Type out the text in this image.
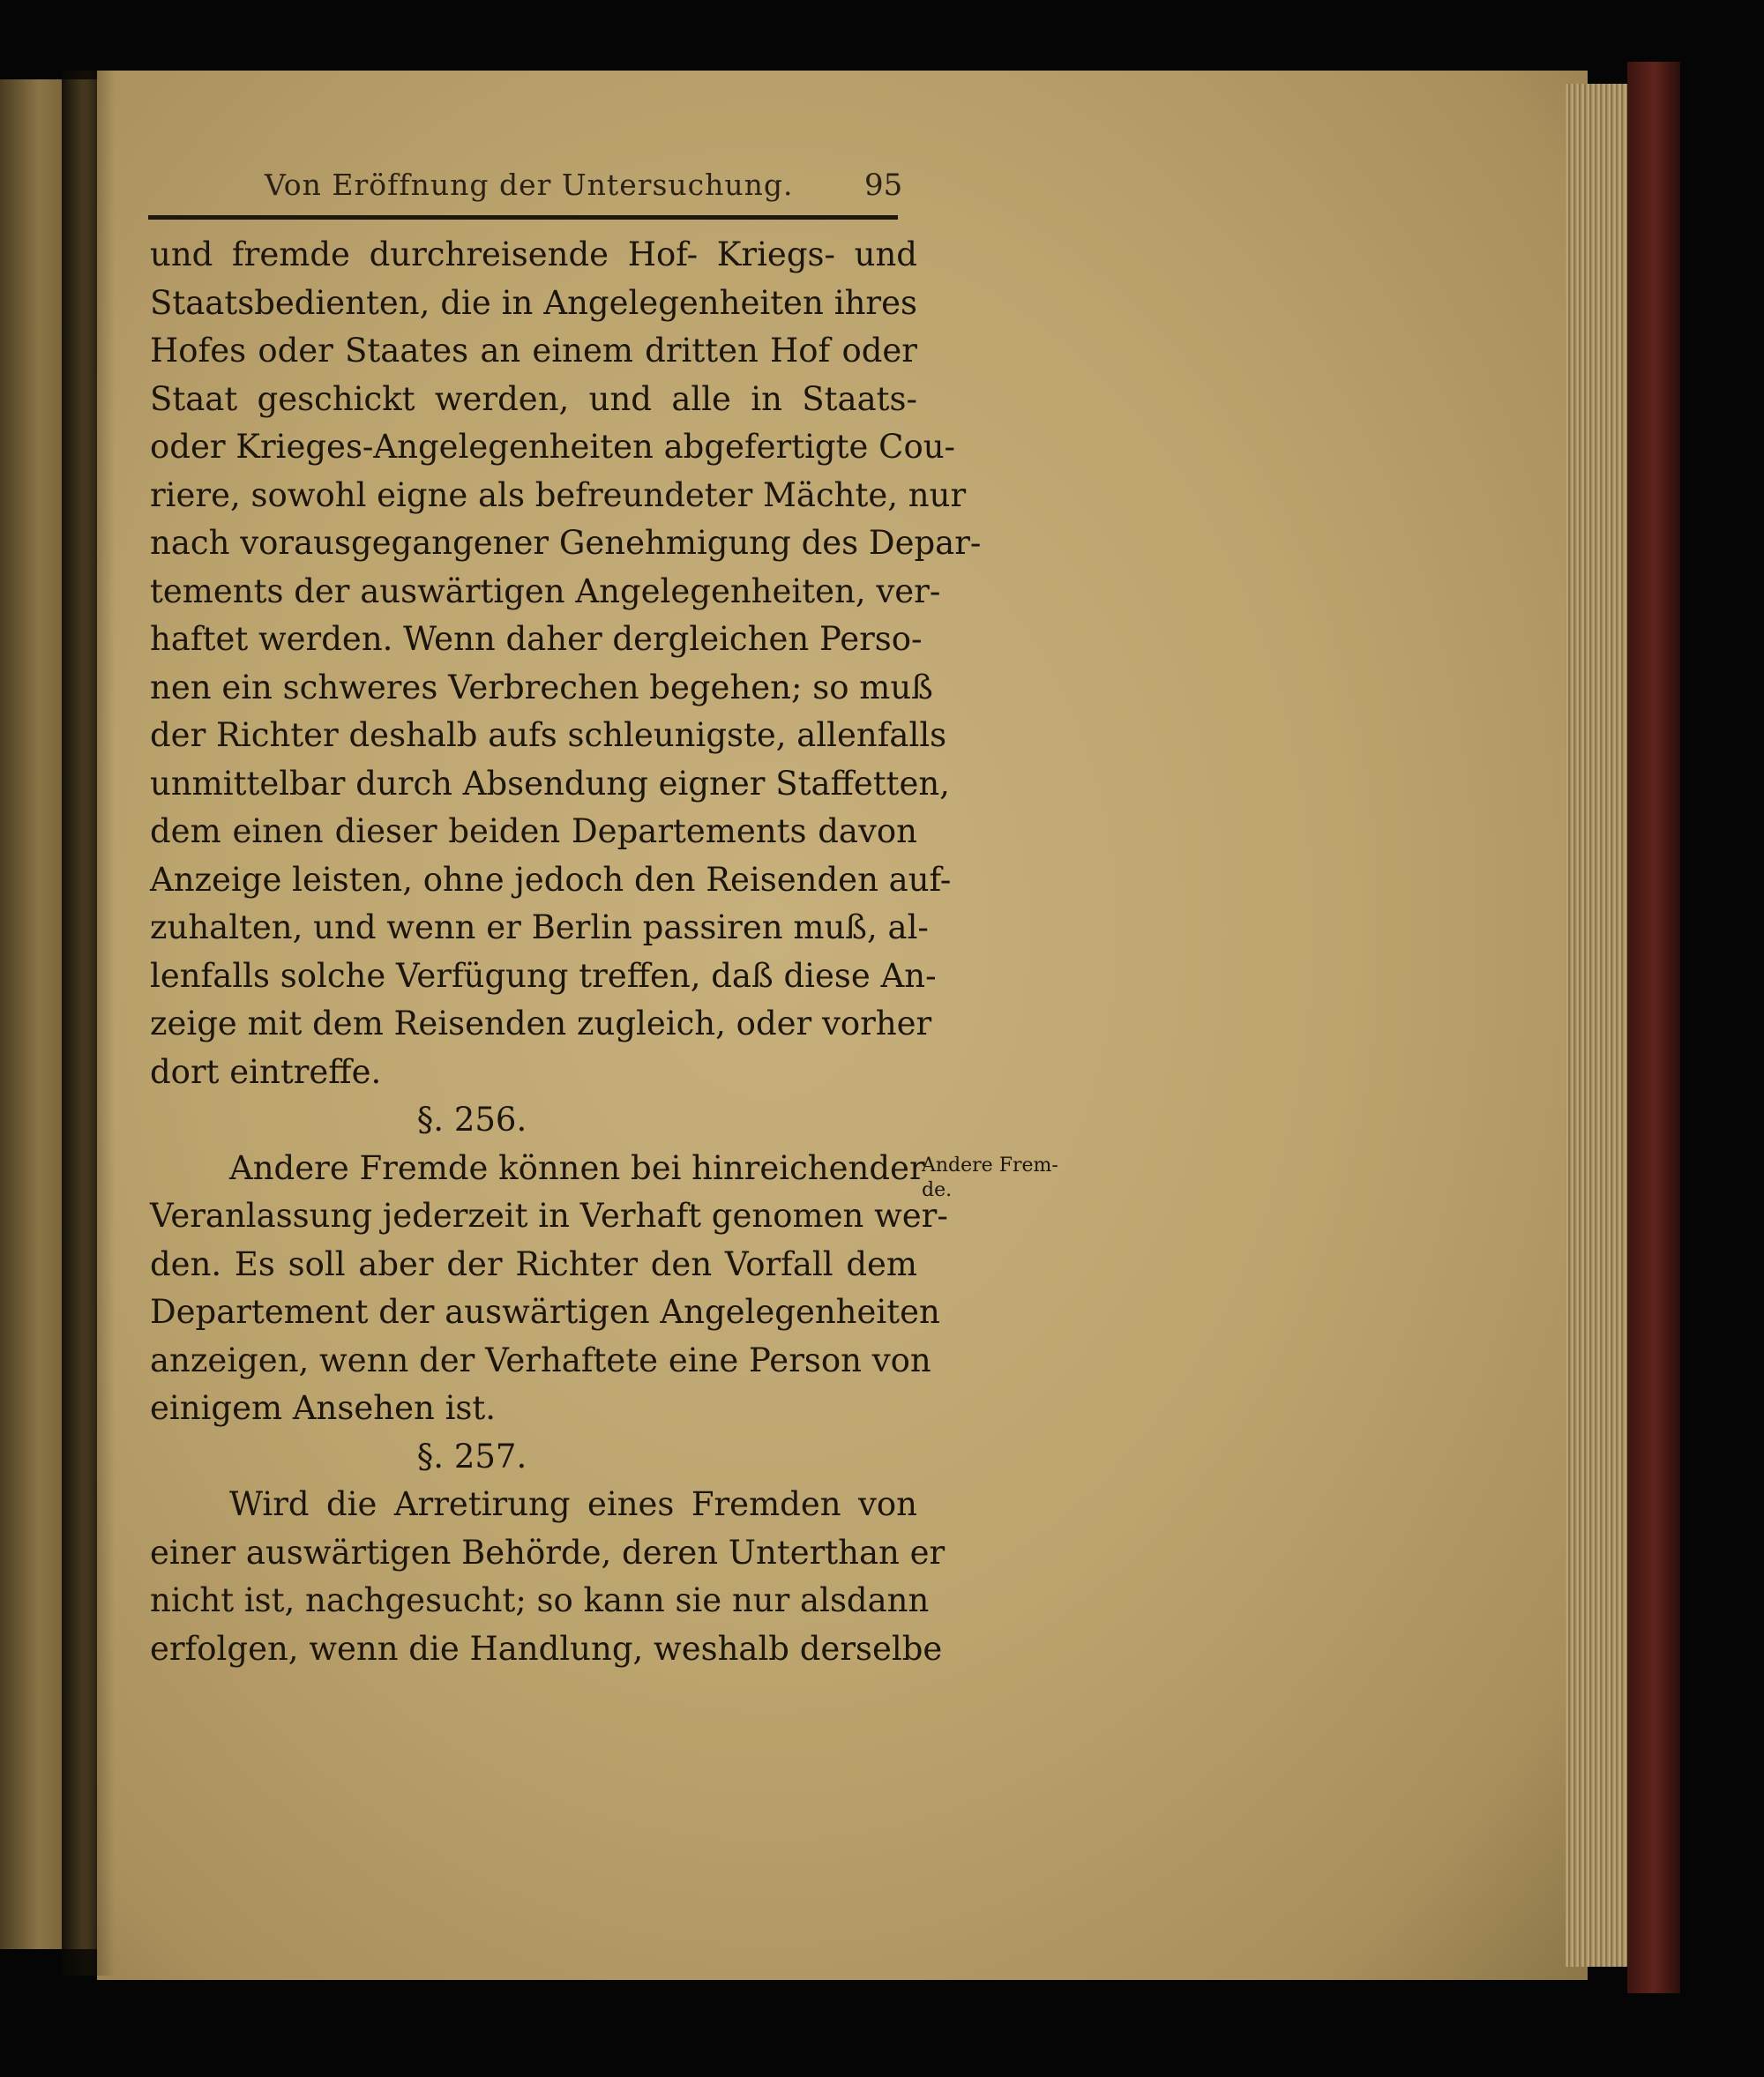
Von Eröffnung der Untersuchung.	95
und fremde durchreisende Hof- Kriegs- und
Staatsbedienten, die in Angelegenheiten ihres
Hofes oder Staates an einem dritten Hof oder
Staat geschickt werden, und alle in Staats-
oder Krieges-Angelegenheiten abgefertigte Cou-
riere, sowohl eigne als befreundeter Mächte, nur
nach vorausgegangener Genehmigung des Depar-
tements der auswärtigen Angelegenheiten, ver-
haftet werden. Wenn daher dergleichen Perso-
nen ein schweres Verbrechen begehen; so muß
der Richter deshalb aufs schleunigste, allenfalls
unmittelbar durch Absendung eigner Staffetten,
dem einen dieser beiden Departements davon
Anzeige leisten, ohne jedoch den Reisenden auf-
zuhalten, und wenn er Berlin passiren muß, al-
lenfalls solche Verfügung treffen, daß diese An-
zeige mit dem Reisenden zugleich, oder vorher
dort eintreffe.
§. 256.
Andere Fremde können bei hinreichender
Veranlassung jederzeit in Verhaft genomen wer-
den. Es soll aber der Richter den Vorfall dem
Departement der auswärtigen Angelegenheiten
anzeigen, wenn der Verhaftete eine Person von
einigem Ansehen ist.
§. 257.
Wird die Arretirung eines Fremden von
einer auswärtigen Behörde, deren Unterthan er
nicht ist, nachgesucht; so kann sie nur alsdann
erfolgen, wenn die Handlung, weshalb derselbe
Andere Frem-
de.
